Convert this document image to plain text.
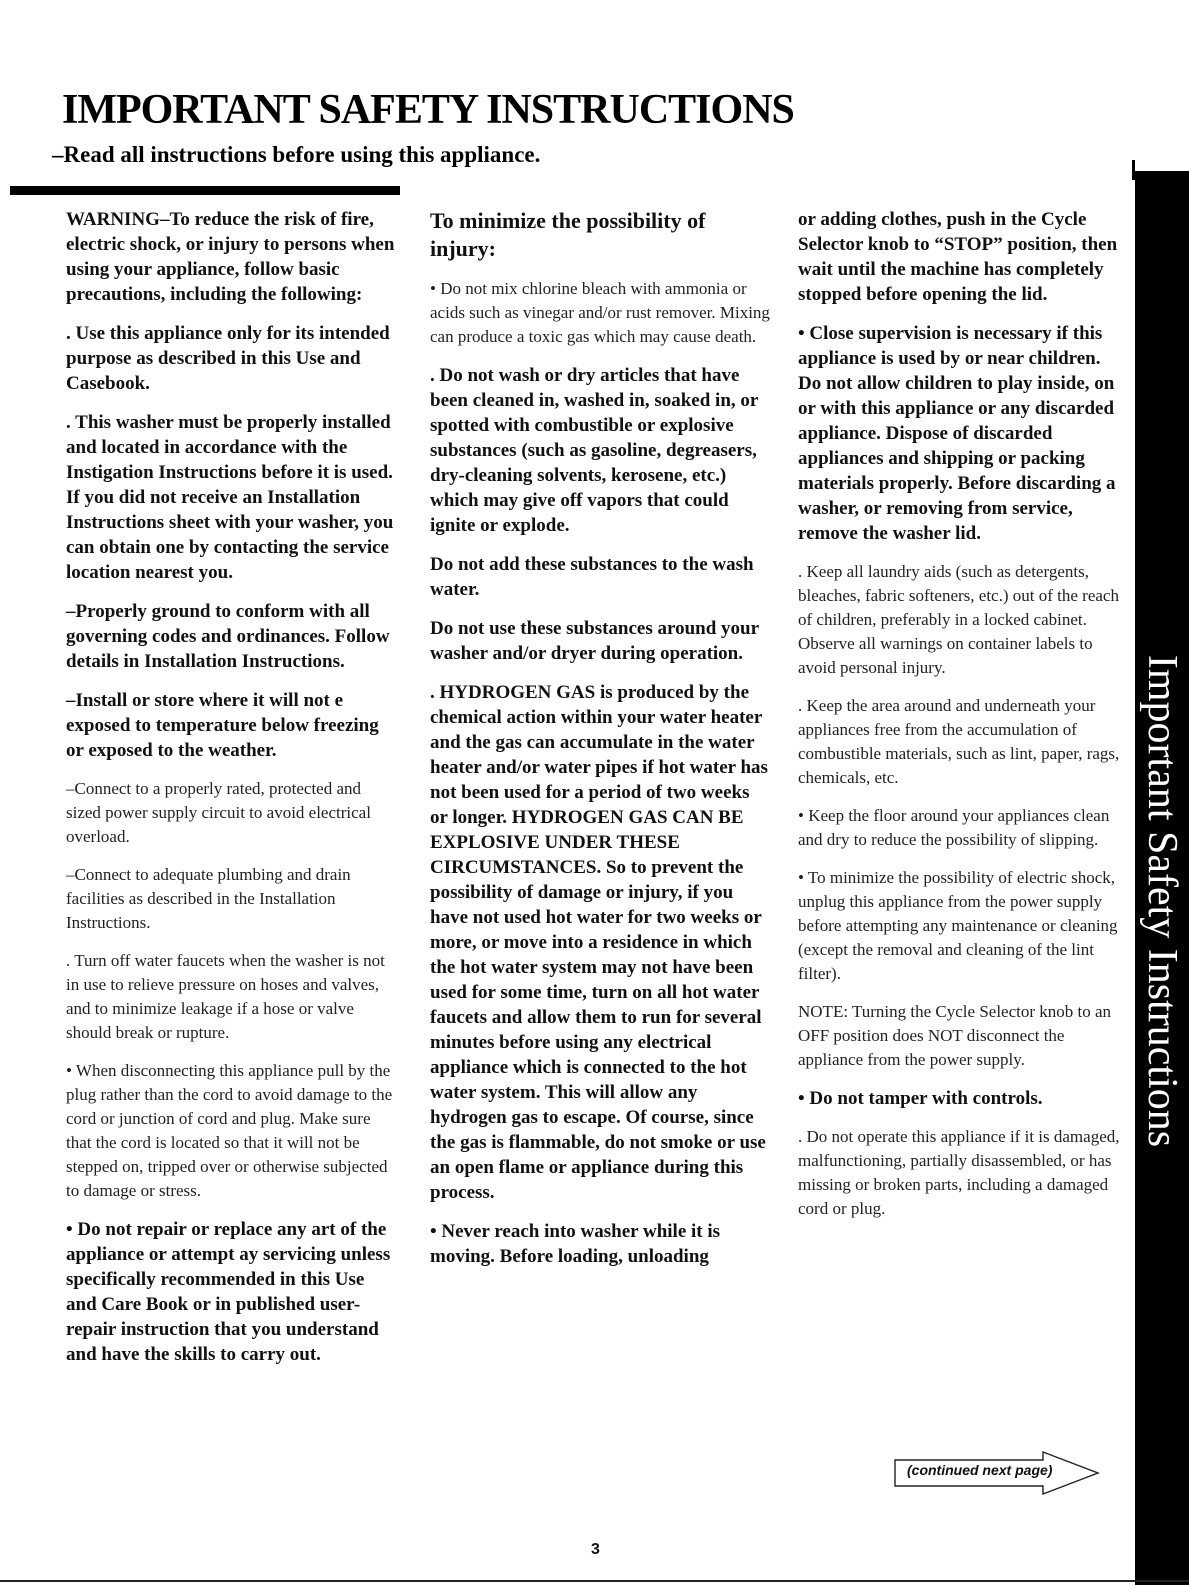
IMPORTANT SAFETY INSTRUCTIONS
–Read all instructions before using this appliance.

WARNING–To reduce the risk of fire, electric shock, or injury to persons when using your appliance, follow basic precautions, including the following:

. Use this appliance only for its intended purpose as described in this Use and Casebook.

. This washer must be properly installed and located in accordance with the Instigation Instructions before it is used. If you did not receive an Installation Instructions sheet with your washer, you can obtain one by contacting the service location nearest you.

–Properly ground to conform with all governing codes and ordinances. Follow details in Installation Instructions.

–Install or store where it will not e exposed to temperature below freezing or exposed to the weather.

–Connect to a properly rated, protected and sized power supply circuit to avoid electrical overload.

–Connect to adequate plumbing and drain facilities as described in the Installation Instructions.

. Turn off water faucets when the washer is not in use to relieve pressure on hoses and valves, and to minimize leakage if a hose or valve should break or rupture.

• When disconnecting this appliance pull by the plug rather than the cord to avoid damage to the cord or junction of cord and plug. Make sure that the cord is located so that it will not be stepped on, tripped over or otherwise subjected to damage or stress.

• Do not repair or replace any art of the appliance or attempt ay servicing unless specifically recommended in this Use and Care Book or in published user-repair instruction that you understand and have the skills to carry out.

To minimize the possibility of injury:

• Do not mix chlorine bleach with ammonia or acids such as vinegar and/or rust remover. Mixing can produce a toxic gas which may cause death.

. Do not wash or dry articles that have been cleaned in, washed in, soaked in, or spotted with combustible or explosive substances (such as gasoline, degreasers, dry-cleaning solvents, kerosene, etc.) which may give off vapors that could ignite or explode.

Do not add these substances to the wash water.

Do not use these substances around your washer and/or dryer during operation.

. HYDROGEN GAS is produced by the chemical action within your water heater and the gas can accumulate in the water heater and/or water pipes if hot water has not been used for a period of two weeks or longer. HYDROGEN GAS CAN BE EXPLOSIVE UNDER THESE CIRCUMSTANCES. So to prevent the possibility of damage or injury, if you have not used hot water for two weeks or more, or move into a residence in which the hot water system may not have been used for some time, turn on all hot water faucets and allow them to run for several minutes before using any electrical appliance which is connected to the hot water system. This will allow any hydrogen gas to escape. Of course, since the gas is flammable, do not smoke or use an open flame or appliance during this process.

• Never reach into washer while it is moving. Before loading, unloading

or adding clothes, push in the Cycle Selector knob to “STOP” position, then wait until the machine has completely stopped before opening the lid.

• Close supervision is necessary if this appliance is used by or near children. Do not allow children to play inside, on or with this appliance or any discarded appliance. Dispose of discarded appliances and shipping or packing materials properly. Before discarding a washer, or removing from service, remove the washer lid.

. Keep all laundry aids (such as detergents, bleaches, fabric softeners, etc.) out of the reach of children, preferably in a locked cabinet. Observe all warnings on container labels to avoid personal injury.

. Keep the area around and underneath your appliances free from the accumulation of combustible materials, such as lint, paper, rags, chemicals, etc.

• Keep the floor around your appliances clean and dry to reduce the possibility of slipping.

• To minimize the possibility of electric shock, unplug this appliance from the power supply before attempting any maintenance or cleaning (except the removal and cleaning of the lint filter).

NOTE: Turning the Cycle Selector knob to an OFF position does NOT disconnect the appliance from the power supply.

• Do not tamper with controls.

. Do not operate this appliance if it is damaged, malfunctioning, partially disassembled, or has missing or broken parts, including a damaged cord or plug.

Important Safety Instructions
(continued next page)
3
